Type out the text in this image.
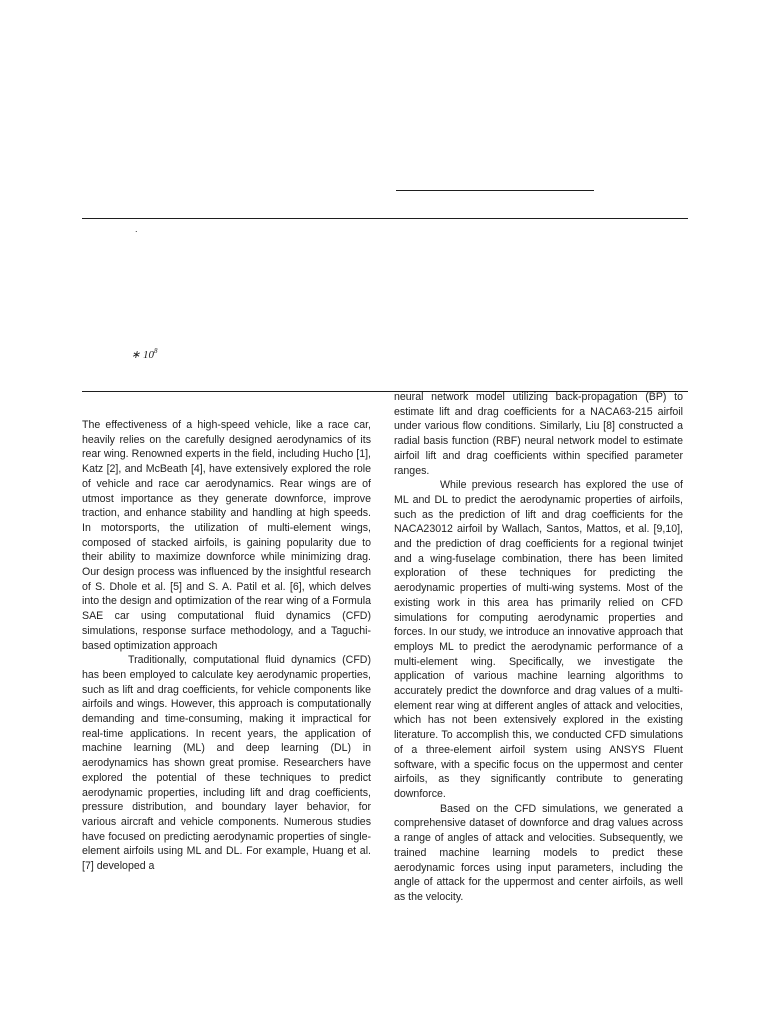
.
∗ $10^8$

The effectiveness of a high-speed vehicle, like a race car, heavily relies on the carefully designed aerodynamics of its rear wing. Renowned experts in the field, including Hucho [1], Katz [2], and McBeath [4], have extensively explored the role of vehicle and race car aerodynamics. Rear wings are of utmost importance as they generate downforce, improve traction, and enhance stability and handling at high speeds. In motorsports, the utilization of multi-element wings, composed of stacked airfoils, is gaining popularity due to their ability to maximize downforce while minimizing drag. Our design process was influenced by the insightful research of S. Dhole et al. [5] and S. A. Patil et al. [6], which delves into the design and optimization of the rear wing of a Formula SAE car using computational fluid dynamics (CFD) simulations, response surface methodology, and a Taguchi-based optimization approach

Traditionally, computational fluid dynamics (CFD) has been employed to calculate key aerodynamic properties, such as lift and drag coefficients, for vehicle components like airfoils and wings. However, this approach is computationally demanding and time-consuming, making it impractical for real-time applications. In recent years, the application of machine learning (ML) and deep learning (DL) in aerodynamics has shown great promise. Researchers have explored the potential of these techniques to predict aerodynamic properties, including lift and drag coefficients, pressure distribution, and boundary layer behavior, for various aircraft and vehicle components. Numerous studies have focused on predicting aerodynamic properties of single-element airfoils using ML and DL. For example, Huang et al. [7] developed a

neural network model utilizing back-propagation (BP) to estimate lift and drag coefficients for a NACA63-215 airfoil under various flow conditions. Similarly, Liu [8] constructed a radial basis function (RBF) neural network model to estimate airfoil lift and drag coefficients within specified parameter ranges.

While previous research has explored the use of ML and DL to predict the aerodynamic properties of airfoils, such as the prediction of lift and drag coefficients for the NACA23012 airfoil by Wallach, Santos, Mattos, et al. [9,10], and the prediction of drag coefficients for a regional twinjet and a wing-fuselage combination, there has been limited exploration of these techniques for predicting the aerodynamic properties of multi-wing systems. Most of the existing work in this area has primarily relied on CFD simulations for computing aerodynamic properties and forces. In our study, we introduce an innovative approach that employs ML to predict the aerodynamic performance of a multi-element wing. Specifically, we investigate the application of various machine learning algorithms to accurately predict the downforce and drag values of a multi-element rear wing at different angles of attack and velocities, which has not been extensively explored in the existing literature. To accomplish this, we conducted CFD simulations of a three-element airfoil system using ANSYS Fluent software, with a specific focus on the uppermost and center airfoils, as they significantly contribute to generating downforce.

Based on the CFD simulations, we generated a comprehensive dataset of downforce and drag values across a range of angles of attack and velocities. Subsequently, we trained machine learning models to predict these aerodynamic forces using input parameters, including the angle of attack for the uppermost and center airfoils, as well as the velocity.
